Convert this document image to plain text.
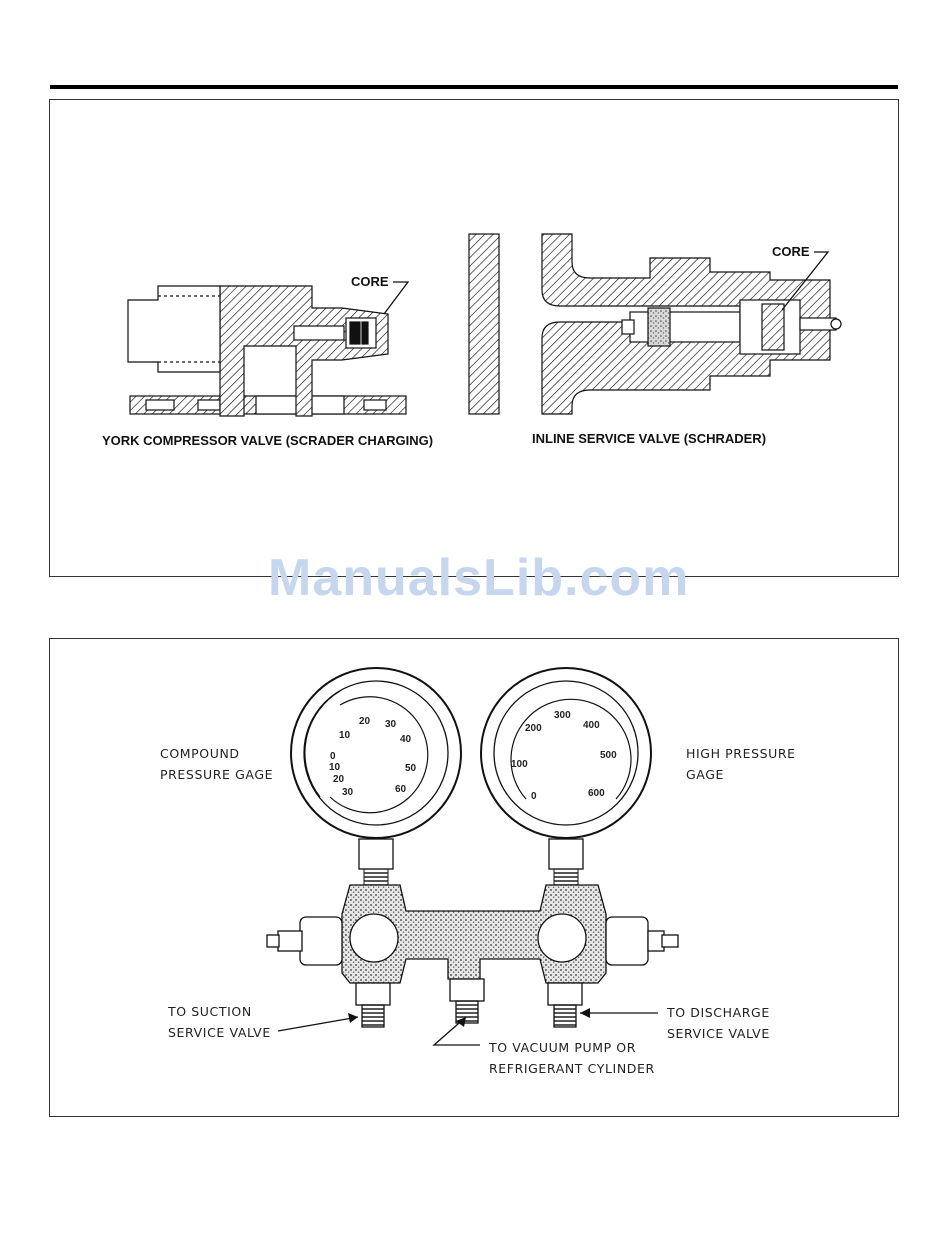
CORE
CORE
YORK COMPRESSOR VALVE (SCRADER CHARGING)	INLINE SERVICE VALVE (SCHRADER)
10
20 30
40
50
60
0
10
20
30
100
200
300
400
500
600
0
COMPOUND
PRESSURE GAGE
HIGH PRESSURE
GAGE
TO SUCTION
SERVICE VALVE
TO DISCHARGE
SERVICE VALVE
TO VACUUM PUMP OR
REFRIGERANT CYLINDER
ManualsLib.com
